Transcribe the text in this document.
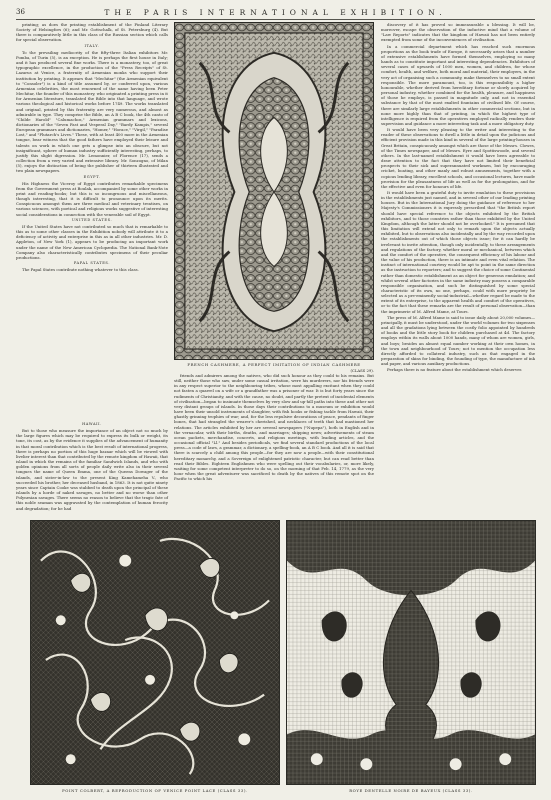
36	THE PARIS INTERNATIONAL EXHIBITION.

printing; as does the printing establishment of the Finland Literary Society of Helsingfors (6); and Mr. Gottschalk, of St. Petersburg (4). But there is comparatively little in this class of the Russian section which calls for special observation.

ITALY.

To the prevailing mediocrity of the fifty-three Italian exhibitors Mr. Pomba, of Turin (5), is an exception. He is perhaps the first house in Italy; and it has produced several fine works. There is a monastery, too, of great typographic excellence, in the production of the "Press Receipts" of St. Lazarus at Venice, a fraternity of Armenian monks who support their institution by printing. It appears that "Mechitar" (the Armenian equivalent to "Consoler") is a kind of title assumed by, or conferred upon, various Armenian celebrities, the most renowned of the name having been Peter Mechitar, the founder of this monastery, who originated a printing press in it for Armenian literature, translated the Bible into that language, and wrote various theological and historical works before 1749. The works translated and original, printed by this fraternity are very numerous, and almost as admirable in type. They comprise the Bible, an A B C book, the 4th canto of "Childe Harold" "Calumachos," Armenian grammars and lexicons, dictionaries of the "Seven Fast and Vesperal Day," "Bardy Kampis," several European grammars and dictionaries, "Homer," "Horace," "Virgil," "Paradise Lost," and "Plutarch's Lives." These, with at least 400 more in the Armenian tongue, bear witness that the good fathers have employed their leisure and talents on work in which one gets a glimpse into an obscure, but not insignificant, sphere of human industry sufficiently interesting, perhaps, to justify this slight digression. Mr. Lemonnier, of Florence (17), sends a collection from a very varied and extensive library. Mr. Sonzogno, of Milan (5), enjoys the distinction of being the publisher of thirteen illustrated and two plain newspapers.

EGYPT.

His Highness the Viceroy of Egypt contributes remarkable specimens from the Government press at Boulak, accompanied by some other works in print and reading-books; but this is so incongruous and miscellaneous, though interesting, that it is difficult to pronounce upon its merits. Conspicuous amongst them are three medical and veterinary treatises, on various sciences, with poetical and religious works suggestive of interesting social considerations in connection with the venerable soil of Egypt.

UNITED STATES.

If the United States have not contributed so much that is remarkable to this as to some other classes in the Exhibition nobody will attribute it to a deficiency of activity and enterprise in this as in all other industries. Mr. D. Appleton, of New York (1), appears to be producing an important work under the name of the New American Cyclopædia. The National Bank-Note Company also characteristically contributes specimens of their peculiar productions.

PAPAL STATES.

The Papal States contribute nothing whatever to this class.

HAWAII.

But to those who measure the importance of an object not so much by the large figures which may be required to express its bulk or weight, its tone, its cost, as by the evidence it supplies of the advancement of humanity in that moral contribution which is the best result of international progress, there is perhaps no portion of this huge bazaar which will be viewed with livelier interest than that contributed by the remote kingdom of Hawaii, that island in which the remains of the familiar Sandwich Islands, and who with golden opinions from all sorts of people daily write also in their several tongues the name of Queen Emma, one of the Queens Dowager of the islands, and sister-in-law to the present King Kamehameha V., who succeeded his brother, her deceased husband, in 1863. It is not quite ninety years since Captain Cooke was stabbed to death upon the principal of these islands by a horde of naked savages, no better and no worse than other Polynesian savages. There seems no reason to believe that the tragic fate of this noble seaman was aggravated by the contemplation of human ferocity and degradation; for he had

FRENCH CASHMERE, A PERFECT IMITATION OF INDIAN CASHMERE
(CLASS 29).

friends and admirers among the natives, who did such honour as they could to his remains. But still, neither those who saw, under some casual irritation, were his murderers, nor his friends were in any respect superior to the neighbouring tribes, whose most appalling excitant when they could not fasten a quarrel on a wife or a grandfather was a prisoner of war. It is but forty years since the rudiments of Christianity, and with the cause, no doubt, and partly the pretext of incidental elements of civilisation—began to insinuate themselves by very slow and up-hill paths into these and other not very distant groups of islands. In those days their contributions to a museum or exhibition would have been their unsold instruments of slaughter, with fish hooks or fishing tackle from Hawaii, their ghastly grinning trophies of war; and, for the less repulsive decorations of peace, pendants of finger bones, that had strangled the wearer's cherished, and necklaces of teeth that had mastioned her relations. The articles exhibited by her are several newspapers ("Nupepa"), both in English and in the vernacular, with their births, deaths, and marriages; shipping news; advertisements of steam ocean packets, merchandise, concerts, and religious meetings, with leading articles, and the occasional official "Ll." And besides periodicals, we find several standard productions of the local press—a code of laws, a grammar, a dictionary, a spelling-book, an A B C book. And all it is said that there is scarcely a child among this people—for they are now a people—with their constitutional hereditary monarchy, and a Sovereign of enlightened patriotic character, but can read better than read their Bibles. Eighteen Englishmen who were spelling out their vocabularies, or, more likely, waiting for some competent interpreter to do so, on the morning of that Feb. 14, 1779, as the very hour when the great adventurer was sacrificed to death by the natives of this remote spot on the Pacific to which his

discovery of it has proved so immeasurable a blessing. It will be, moreover, escape the observation of the inductive mind that a volume of "Law Reports" indicates that the kingdom of Hawaii has not been entirely exempted from some of the inconveniences of civilisation.

In a commercial department which has reached such enormous proportions as the book trade of Europe, it necessarily arises that a number of extensive establishments have formed themselves, employing so many hands as to constitute important and interesting dependencies. Exhibitors of several cases of upwards of 1000 men, women, and children, for whose comfort, health, and welfare, both moral and material, their employers, in the very act of organising such a community, make themselves to no small extent responsible. The more paramount, too, is this responsibility a higher honourable, whether derived from hereditary fortune or slowly acquired by personal industry, whether combined for the health, pleasure, and happiness of those he employs, is passed in magnitude only, and not in essential substance by that of the most exalted fountains of civilised life. Of course, there are similarly large establishments in other commercial sections, but in none more highly than that of printing, in which the highest type of intelligence is required from the operatives employed radically renders their supervision and guidance a more interesting task and a more obligatory duty.

It would have been very pleasing to the writer and interesting to the reader of these observations to dwell a little in detail upon the judicious and efficient provision made in this kind in several of the large printing-houses in Great Britain, conspicuously amongst which are those of the Messrs. Clowes, of the Times newspaper, and of Messrs. Eyre and Spottiswoode, and several others. In the last-named establishment it would have been agreeable to draw attention to the fact that they have not limited their beneficial prospects to their sick and superannuated workmen, but by encouraging cricket, boating, and other manly and robust amusements, together with a copious lending library, excellent schools, and occasional lectures, have made provision for the pleasantness of life as well as for the prolongation, and for the effective and even for honours of life.

It would have been a grateful duty to invite emulation to these provisions in the establishments just named, and in several other of our leading printing houses. But in the International Jury doing the guidance of reference to her Majesty's Commissioners it is expressly prescribed that "the British report should have special reference to the objects exhibited by the British exhibitors, and to those countries rather than those exhibited by the United Kingdom, although the latter should not be overlooked." It is presumed that this limitation will extend not only to remark upon the objects actually exhibited, but to observations also incidentally and by the way recorded upon the establishments out of which those objects issue; for it can hardly be irrelevant to invite attention, though only incidentally, to these arrangements and regulations of the factory, whether moral or mechanical, between which and the comfort of the operative, the consequent efficiency of his labour and the value of his production, there is an intimate and even vital relation. The instinct of international courtesy would be apt to point in the same direction as the instruction to reporters; and to suggest the choice of some Continental rather than domestic establishment as an object for generous emulation; and whilst several other factories in the same industry may possess a comparable responsible organisation, and such be distinguished by some special characteristic of its own, no one, perhaps, could with more propriety be selected as a pre-eminently social-industrial—whether regard be made to the extent of its enterprise, to the apparent health and comfort of the operatives, or to the fact that these remarks are the result of personal observation—than the imprimerie of M. Alfred Mame, at Tours.

The press of M. Alfred Mame is said to issue daily about 20,000 volumes—principally, it must be understood, under the world volumes for two sixpenses and all the gradations lying between the costly folio appointed by hundreds of books and the little story book for children purchased at 4d. The factory employs within its walls about 1000 hands, many of whom are women, girls, and boys; besides an almost equal number working at their own homes, in the town and neighbourhood of Tours; not to mention the occupation less directly afforded to collateral industry, such as that engaged in the preparation of skins for binding, the founding of type, the manufacture of ink and paper, and various auxiliary productions.

Perhaps there is no feature about the establishment which deserves

POINT COLBERT, A REPRODUCTION OF VENICE POINT LACE (CLASS 33).	ROYE DENTELLE NOIRE DE BAYEUX (CLASS 33).
